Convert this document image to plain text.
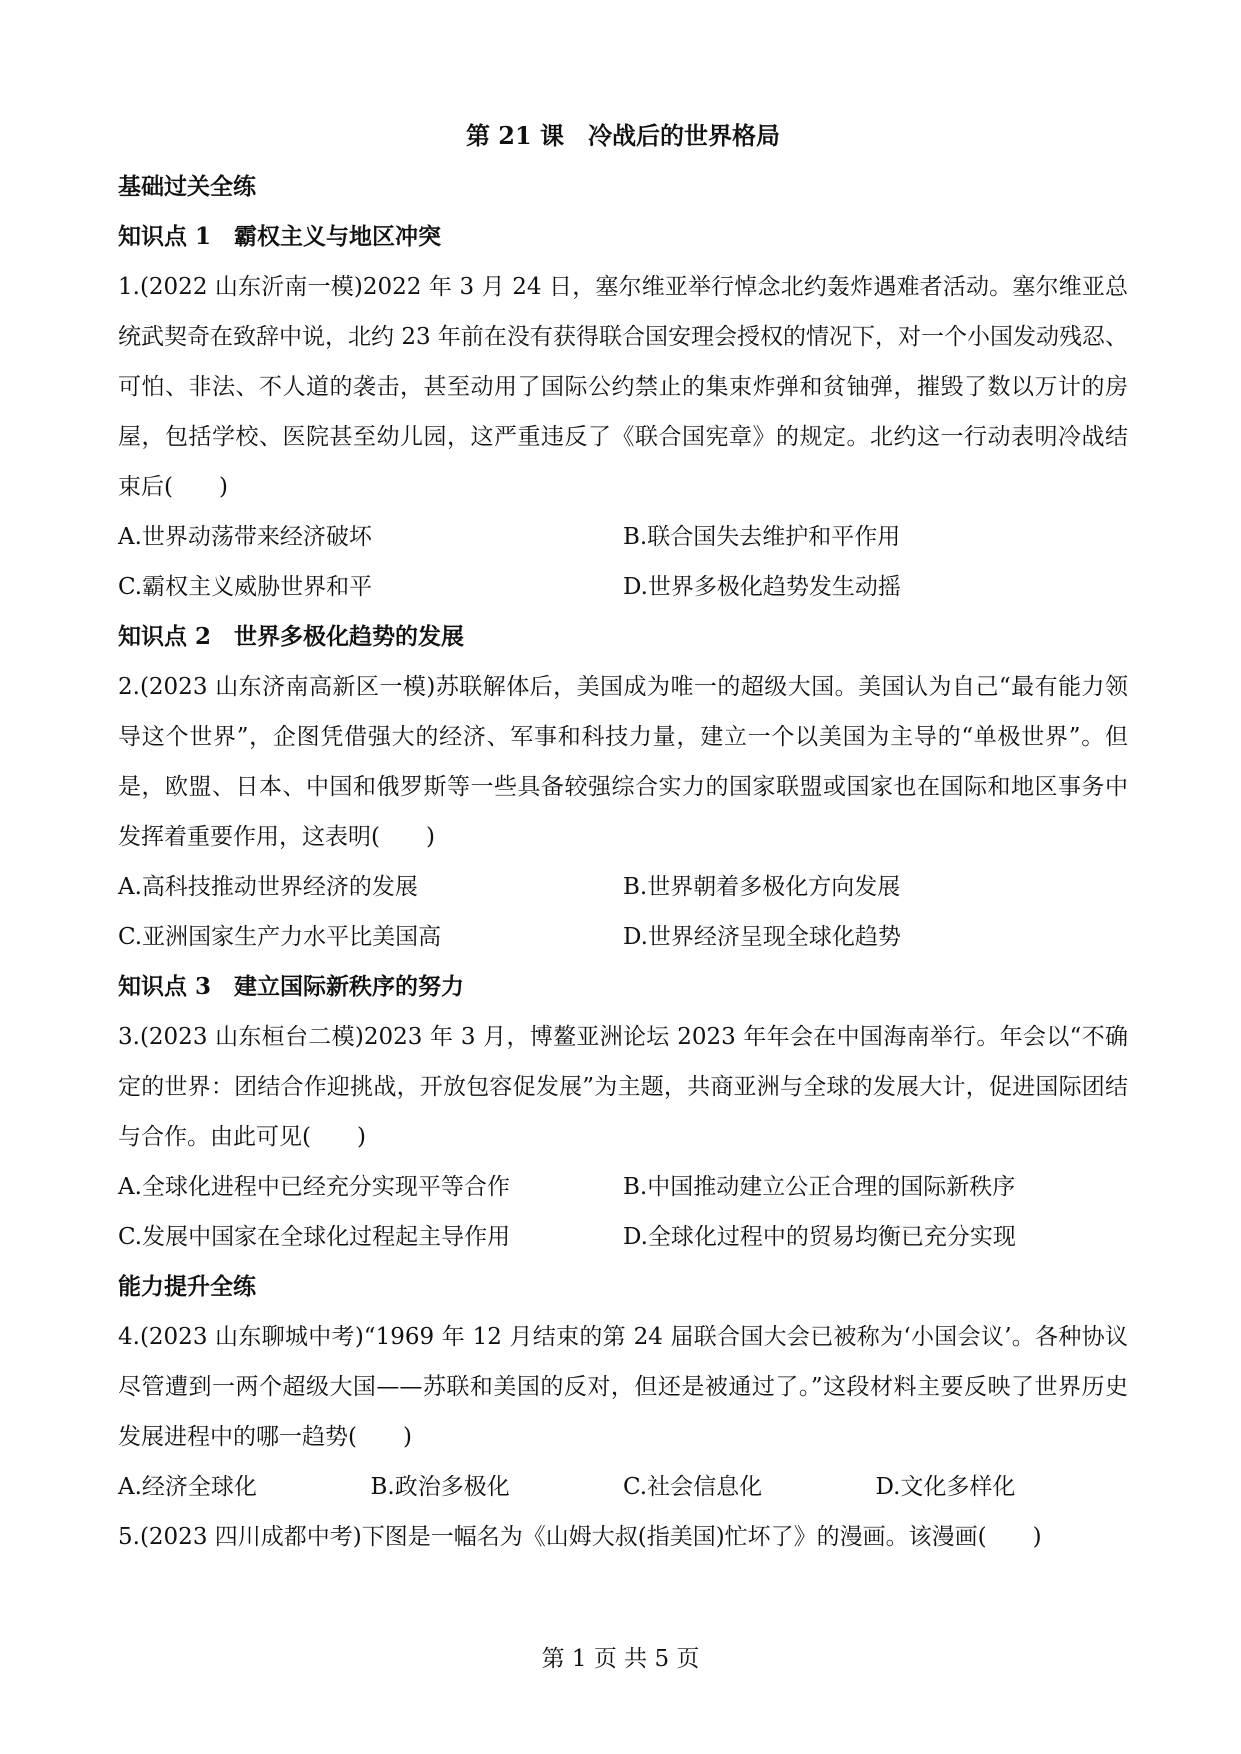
第 21 课　冷战后的世界格局

基础过关全练

知识点 1　霸权主义与地区冲突

1.(2022 山东沂南一模)2022 年 3 月 24 日，塞尔维亚举行悼念北约轰炸遇难者活动。塞尔维亚总统武契奇在致辞中说，北约 23 年前在没有获得联合国安理会授权的情况下，对一个小国发动残忍、可怕、非法、不人道的袭击，甚至动用了国际公约禁止的集束炸弹和贫铀弹，摧毁了数以万计的房屋，包括学校、医院甚至幼儿园，这严重违反了《联合国宪章》的规定。北约这一行动表明冷战结束后(　　)

A.世界动荡带来经济破坏	B.联合国失去维护和平作用
C.霸权主义威胁世界和平	D.世界多极化趋势发生动摇

知识点 2　世界多极化趋势的发展

2.(2023 山东济南高新区一模)苏联解体后，美国成为唯一的超级大国。美国认为自己“最有能力领导这个世界”，企图凭借强大的经济、军事和科技力量，建立一个以美国为主导的“单极世界”。但是，欧盟、日本、中国和俄罗斯等一些具备较强综合实力的国家联盟或国家也在国际和地区事务中发挥着重要作用，这表明(　　)

A.高科技推动世界经济的发展	B.世界朝着多极化方向发展
C.亚洲国家生产力水平比美国高	D.世界经济呈现全球化趋势

知识点 3　建立国际新秩序的努力

3.(2023 山东桓台二模)2023 年 3 月，博鳌亚洲论坛 2023 年年会在中国海南举行。年会以“不确定的世界：团结合作迎挑战，开放包容促发展”为主题，共商亚洲与全球的发展大计，促进国际团结与合作。由此可见(　　)

A.全球化进程中已经充分实现平等合作	B.中国推动建立公正合理的国际新秩序
C.发展中国家在全球化过程起主导作用	D.全球化过程中的贸易均衡已充分实现

能力提升全练

4.(2023 山东聊城中考)“1969 年 12 月结束的第 24 届联合国大会已被称为‘小国会议’。各种协议尽管遭到一两个超级大国——苏联和美国的反对，但还是被通过了。”这段材料主要反映了世界历史发展进程中的哪一趋势(　　)

A.经济全球化	B.政治多极化	C.社会信息化	D.文化多样化

5.(2023 四川成都中考)下图是一幅名为《山姆大叔(指美国)忙坏了》的漫画。该漫画(　　)

第 1 页 共 5 页
